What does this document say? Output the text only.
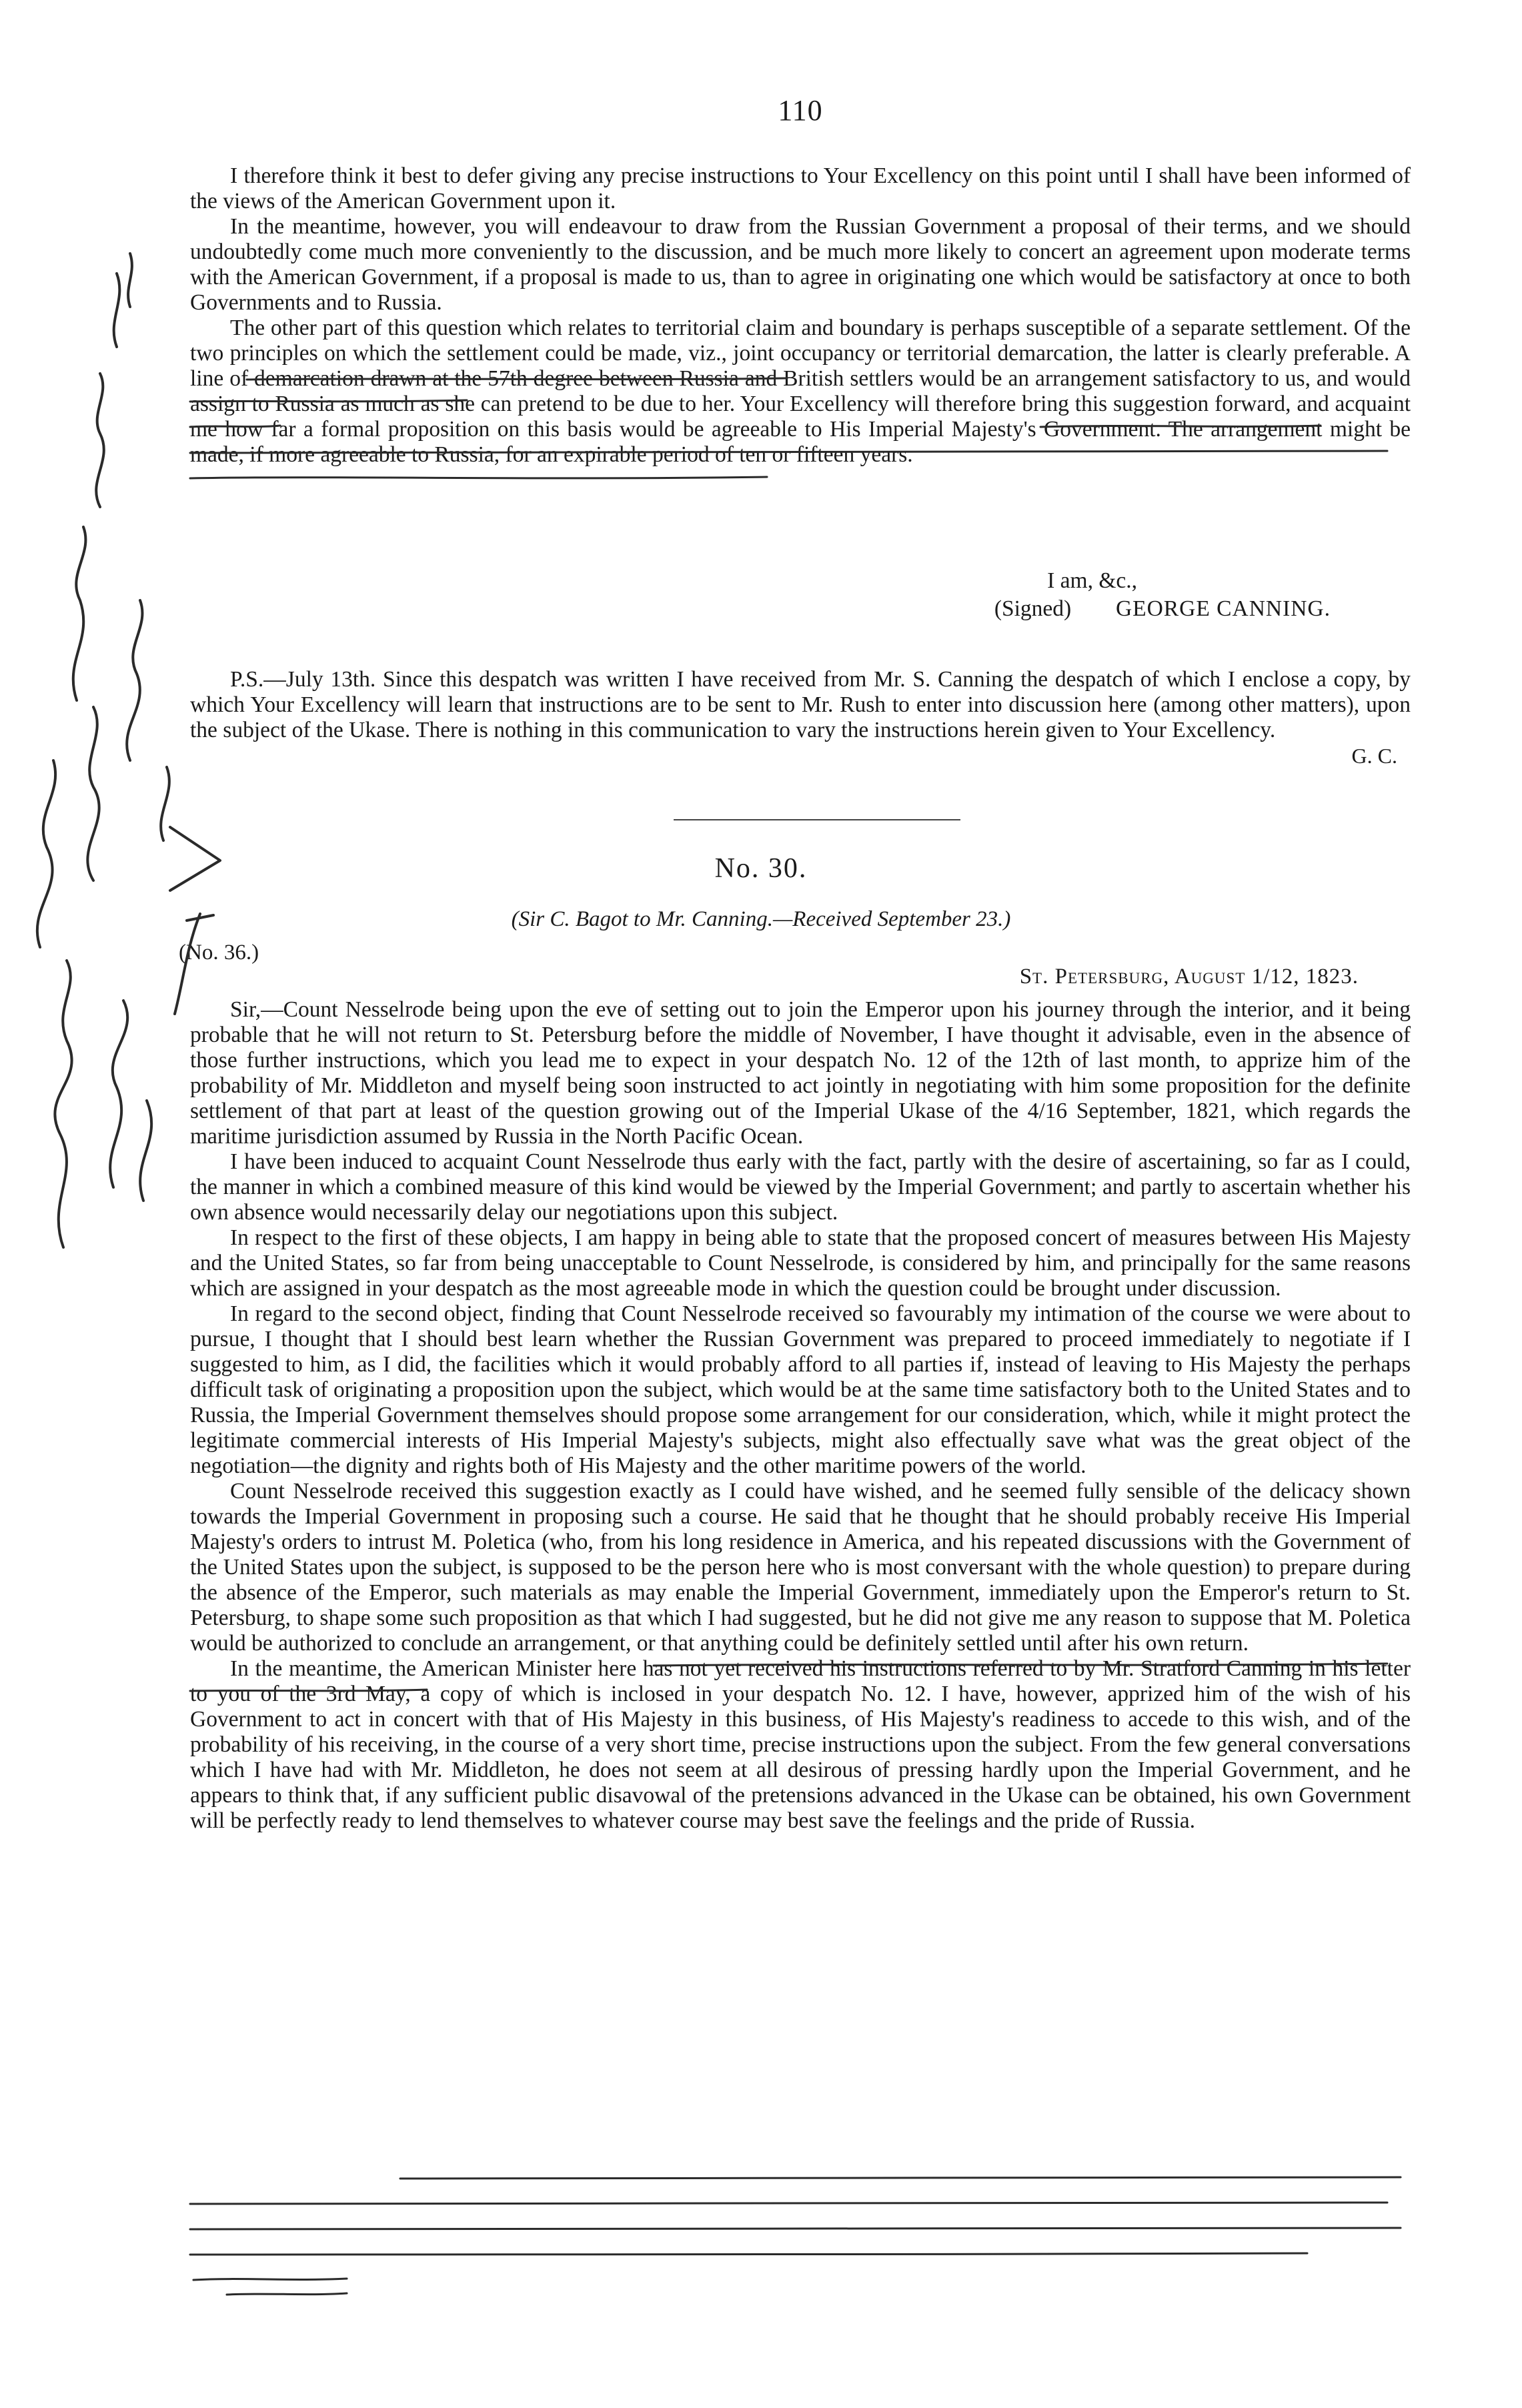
110

I therefore think it best to defer giving any precise instructions to Your Excellency on this point until I shall have been informed of the views of the American Government upon it.

In the meantime, however, you will endeavour to draw from the Russian Government a proposal of their terms, and we should undoubtedly come much more conveniently to the discussion, and be much more likely to concert an agreement upon moderate terms with the American Government, if a proposal is made to us, than to agree in originating one which would be satisfactory at once to both Governments and to Russia.

The other part of this question which relates to territorial claim and boundary is perhaps susceptible of a separate settlement. Of the two principles on which the settlement could be made, viz., joint occupancy or territorial demarcation, the latter is clearly preferable. A line of demarcation drawn at the 57th degree between Russia and British settlers would be an arrangement satisfactory to us, and would assign to Russia as much as she can pretend to be due to her. Your Excellency will therefore bring this suggestion forward, and acquaint me how far a formal proposition on this basis would be agreeable to His Imperial Majesty's Government. The arrangement might be made, if more agreeable to Russia, for an expirable period of ten or fifteen years.

I am, &c.,
(Signed) GEORGE CANNING.

P.S.—July 13th. Since this despatch was written I have received from Mr. S. Canning the despatch of which I enclose a copy, by which Your Excellency will learn that instructions are to be sent to Mr. Rush to enter into discussion here (among other matters), upon the subject of the Ukase. There is nothing in this communication to vary the instructions herein given to Your Excellency.

G. C.
No. 30.
(Sir C. Bagot to Mr. Canning.—Received September 23.)
(No. 36.)
St. Petersburg, August 1/12, 1823.

Sir,—Count Nesselrode being upon the eve of setting out to join the Emperor upon his journey through the interior, and it being probable that he will not return to St. Petersburg before the middle of November, I have thought it advisable, even in the absence of those further instructions, which you lead me to expect in your despatch No. 12 of the 12th of last month, to apprize him of the probability of Mr. Middleton and myself being soon instructed to act jointly in negotiating with him some proposition for the definite settlement of that part at least of the question growing out of the Imperial Ukase of the 4/16 September, 1821, which regards the maritime jurisdiction assumed by Russia in the North Pacific Ocean.

I have been induced to acquaint Count Nesselrode thus early with the fact, partly with the desire of ascertaining, so far as I could, the manner in which a combined measure of this kind would be viewed by the Imperial Government; and partly to ascertain whether his own absence would necessarily delay our negotiations upon this subject.

In respect to the first of these objects, I am happy in being able to state that the proposed concert of measures between His Majesty and the United States, so far from being unacceptable to Count Nesselrode, is considered by him, and principally for the same reasons which are assigned in your despatch as the most agreeable mode in which the question could be brought under discussion.

In regard to the second object, finding that Count Nesselrode received so favourably my intimation of the course we were about to pursue, I thought that I should best learn whether the Russian Government was prepared to proceed immediately to negotiate if I suggested to him, as I did, the facilities which it would probably afford to all parties if, instead of leaving to His Majesty the perhaps difficult task of originating a proposition upon the subject, which would be at the same time satisfactory both to the United States and to Russia, the Imperial Government themselves should propose some arrangement for our consideration, which, while it might protect the legitimate commercial interests of His Imperial Majesty's subjects, might also effectually save what was the great object of the negotiation—the dignity and rights both of His Majesty and the other maritime powers of the world.

Count Nesselrode received this suggestion exactly as I could have wished, and he seemed fully sensible of the delicacy shown towards the Imperial Government in proposing such a course. He said that he thought that he should probably receive His Imperial Majesty's orders to intrust M. Poletica (who, from his long residence in America, and his repeated discussions with the Government of the United States upon the subject, is supposed to be the person here who is most conversant with the whole question) to prepare during the absence of the Emperor, such materials as may enable the Imperial Government, immediately upon the Emperor's return to St. Petersburg, to shape some such proposition as that which I had suggested, but he did not give me any reason to suppose that M. Poletica would be authorized to conclude an arrangement, or that anything could be definitely settled until after his own return.

In the meantime, the American Minister here has not yet received his instructions referred to by Mr. Stratford Canning in his letter to you of the 3rd May, a copy of which is inclosed in your despatch No. 12. I have, however, apprized him of the wish of his Government to act in concert with that of His Majesty in this business, of His Majesty's readiness to accede to this wish, and of the probability of his receiving, in the course of a very short time, precise instructions upon the subject. From the few general conversations which I have had with Mr. Middleton, he does not seem at all desirous of pressing hardly upon the Imperial Government, and he appears to think that, if any sufficient public disavowal of the pretensions advanced in the Ukase can be obtained, his own Government will be perfectly ready to lend themselves to whatever course may best save the feelings and the pride of Russia.
